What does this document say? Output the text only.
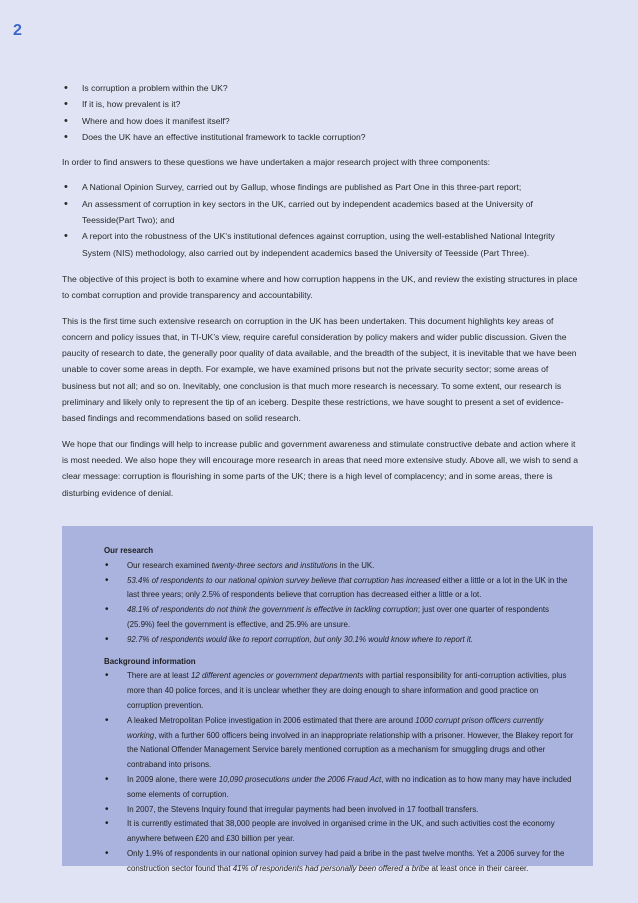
2
• Is corruption a problem within the UK?
• If it is, how prevalent is it?
• Where and how does it manifest itself?
• Does the UK have an effective institutional framework to tackle corruption?

In order to find answers to these questions we have undertaken a major research project with three components:

• A National Opinion Survey, carried out by Gallup, whose findings are published as Part One in this three-part report;
• An assessment of corruption in key sectors in the UK, carried out by independent academics based at the University of Teesside(Part Two); and
• A report into the robustness of the UK’s institutional defences against corruption, using the well-established National Integrity System (NIS) methodology, also carried out by independent academics based the University of Teesside (Part Three).

The objective of this project is both to examine where and how corruption happens in the UK, and review the existing structures in place to combat corruption and provide transparency and accountability.

This is the first time such extensive research on corruption in the UK has been undertaken. This document highlights key areas of concern and policy issues that, in TI-UK’s view, require careful consideration by policy makers and wider public discussion. Given the paucity of research to date, the generally poor quality of data available, and the breadth of the subject, it is inevitable that we have been unable to cover some areas in depth. For example, we have examined prisons but not the private security sector; some areas of business but not all; and so on. Inevitably, one conclusion is that much more research is necessary. To some extent, our research is preliminary and likely only to represent the tip of an iceberg. Despite these restrictions, we have sought to present a set of evidence-based findings and recommendations based on solid research.

We hope that our findings will help to increase public and government awareness and stimulate constructive debate and action where it is most needed. We also hope they will encourage more research in areas that need more extensive study. Above all, we wish to send a clear message: corruption is flourishing in some parts of the UK; there is a high level of complacency; and in some areas, there is disturbing evidence of denial.

Our research
• Our research examined twenty-three sectors and institutions in the UK.
• 53.4% of respondents to our national opinion survey believe that corruption has increased either a little or a lot in the UK in the last three years; only 2.5% of respondents believe that corruption has decreased either a little or a lot.
• 48.1% of respondents do not think the government is effective in tackling corruption; just over one quarter of respondents (25.9%) feel the government is effective, and 25.9% are unsure.
• 92.7% of respondents would like to report corruption, but only 30.1% would know where to report it.
Background information
• There are at least 12 different agencies or government departments with partial responsibility for anti-corruption activities, plus more than 40 police forces, and it is unclear whether they are doing enough to share information and good practice on corruption prevention.
• A leaked Metropolitan Police investigation in 2006 estimated that there are around 1000 corrupt prison officers currently working, with a further 600 officers being involved in an inappropriate relationship with a prisoner. However, the Blakey report for the National Offender Management Service barely mentioned corruption as a mechanism for smuggling drugs and other contraband into prisons.
• In 2009 alone, there were 10,090 prosecutions under the 2006 Fraud Act, with no indication as to how many may have included some elements of corruption.
• In 2007, the Stevens Inquiry found that irregular payments had been involved in 17 football transfers.
• It is currently estimated that 38,000 people are involved in organised crime in the UK, and such activities cost the economy anywhere between £20 and £30 billion per year.
• Only 1.9% of respondents in our national opinion survey had paid a bribe in the past twelve months. Yet a 2006 survey for the construction sector found that 41% of respondents had personally been offered a bribe at least once in their career.
